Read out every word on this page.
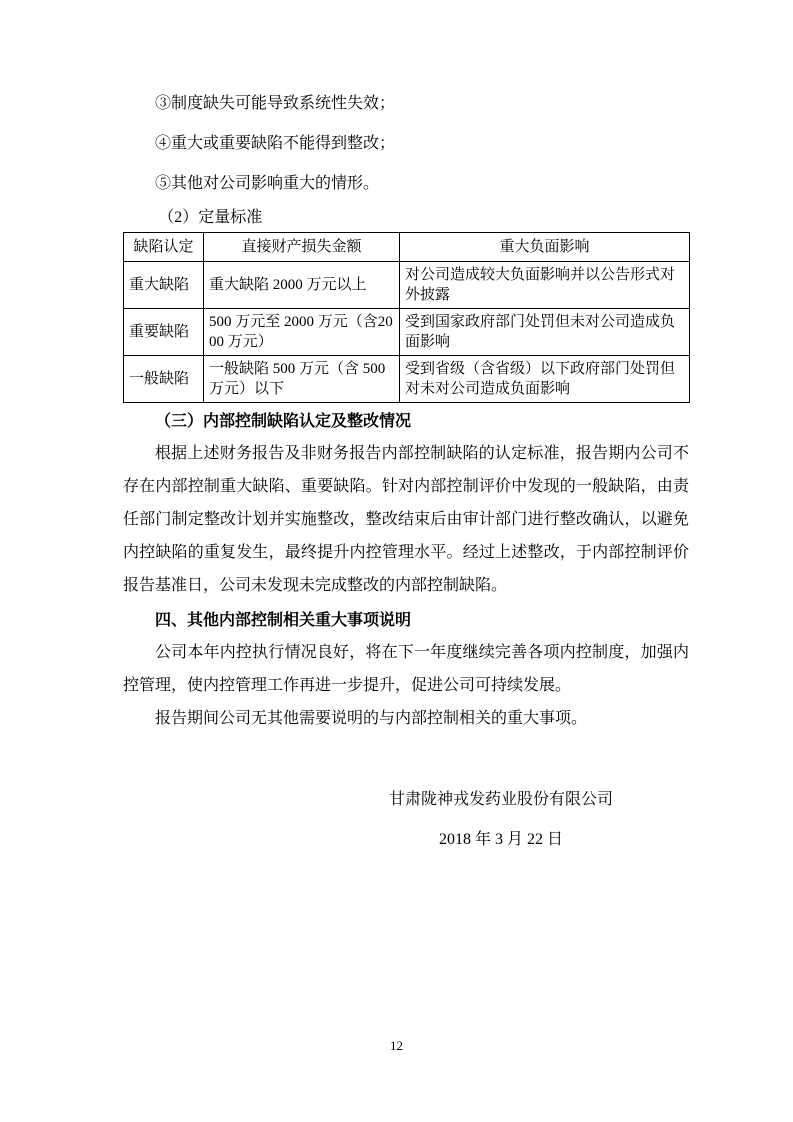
③制度缺失可能导致系统性失效；

④重大或重要缺陷不能得到整改；

⑤其他对公司影响重大的情形。

（2）定量标准

缺陷认定	直接财产损失金额	重大负面影响
重大缺陷	重大缺陷 2000 万元以上	对公司造成较大负面影响并以公告形式对外披露
重要缺陷	500 万元至 2000 万元（含2000 万元）	受到国家政府部门处罚但未对公司造成负面影响
一般缺陷	一般缺陷 500 万元（含 500万元）以下	受到省级（含省级）以下政府部门处罚但对未对公司造成负面影响

（三）内部控制缺陷认定及整改情况

根据上述财务报告及非财务报告内部控制缺陷的认定标准，报告期内公司不存在内部控制重大缺陷、重要缺陷。针对内部控制评价中发现的一般缺陷，由责任部门制定整改计划并实施整改，整改结束后由审计部门进行整改确认，以避免内控缺陷的重复发生，最终提升内控管理水平。经过上述整改，于内部控制评价报告基准日，公司未发现未完成整改的内部控制缺陷。

四、其他内部控制相关重大事项说明

公司本年内控执行情况良好，将在下一年度继续完善各项内控制度，加强内控管理，使内控管理工作再进一步提升，促进公司可持续发展。

报告期间公司无其他需要说明的与内部控制相关的重大事项。

甘肃陇神戎发药业股份有限公司

2018 年 3 月 22 日

12
